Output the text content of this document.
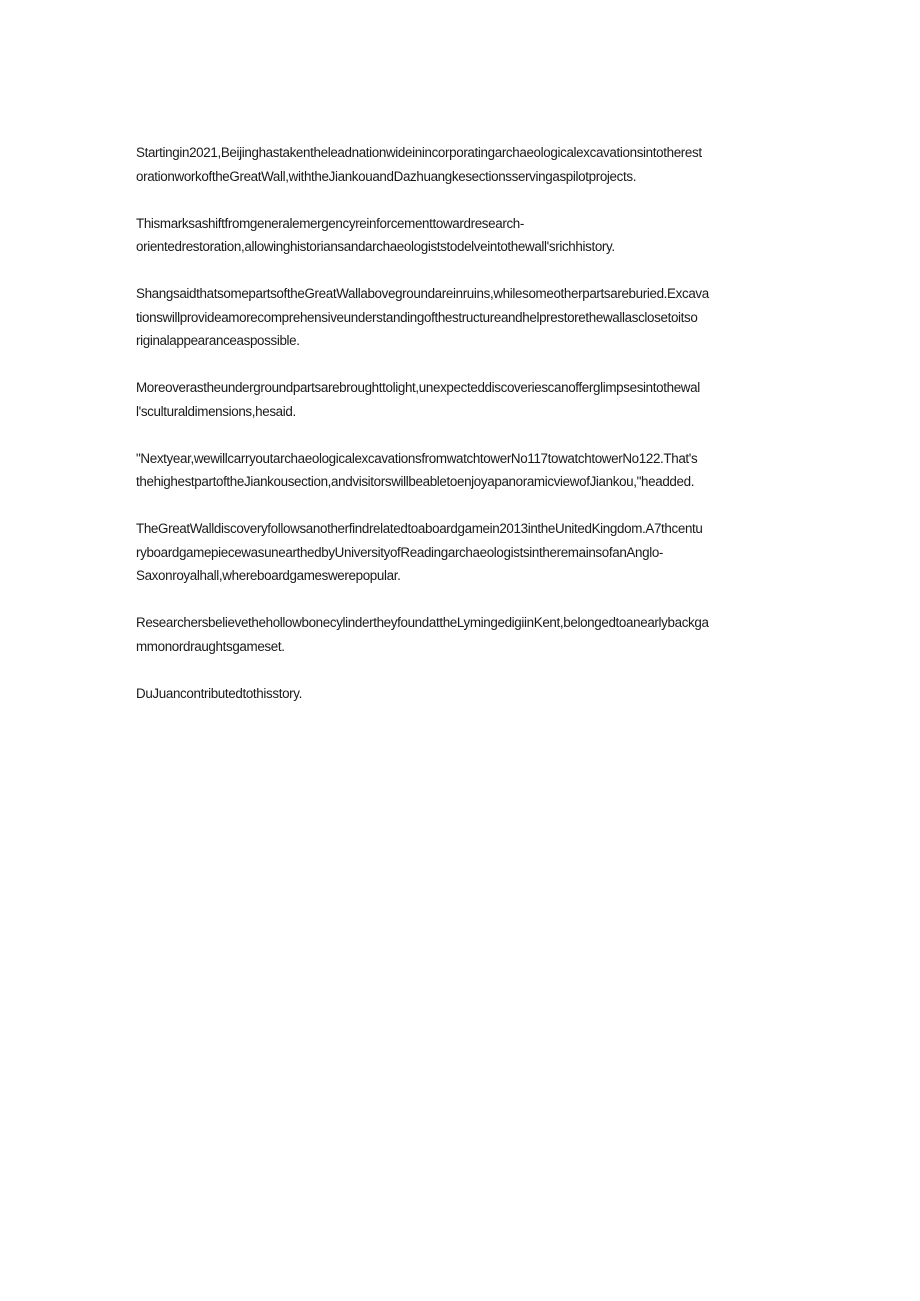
Startingin2021,Beijinghastakentheleadnationwideinincorporatingarchaeologicalexcavationsintotherest
orationworkoftheGreatWall,withtheJiankouandDazhuangkesectionsservingaspilotprojects.

Thismarksashiftfromgeneralemergencyreinforcementtowardresearch-
orientedrestoration,allowinghistoriansandarchaeologiststodelveintothewall'srichhistory.

ShangsaidthatsomepartsoftheGreatWallabovegroundareinruins,whilesomeotherpartsareburied.Excava
tionswillprovideamorecomprehensiveunderstandingofthestructureandhelprestorethewallasclosetoitso
riginalappearanceaspossible.

Moreoverastheundergroundpartsarebroughttolight,unexpecteddiscoveriescanofferglimpsesintothewal
l'sculturaldimensions,hesaid.

"Nextyear,wewillcarryoutarchaeologicalexcavationsfromwatchtowerNo117towatchtowerNo122.That's
thehighestpartoftheJiankousection,andvisitorswillbeabletoenjoyapanoramicviewofJiankou,"headded.

TheGreatWalldiscoveryfollowsanotherfindrelatedtoaboardgamein2013intheUnitedKingdom.A7thcentu
ryboardgamepiecewasunearthedbyUniversityofReadingarchaeologistsintheremainsofanAnglo-
Saxonroyalhall,whereboardgameswerepopular.

ResearchersbelievethehollowbonecylindertheyfoundattheLymingedigiinKent,belongedtoanearlybackga
mmonordraughtsgameset.

DuJuancontributedtothisstory.
